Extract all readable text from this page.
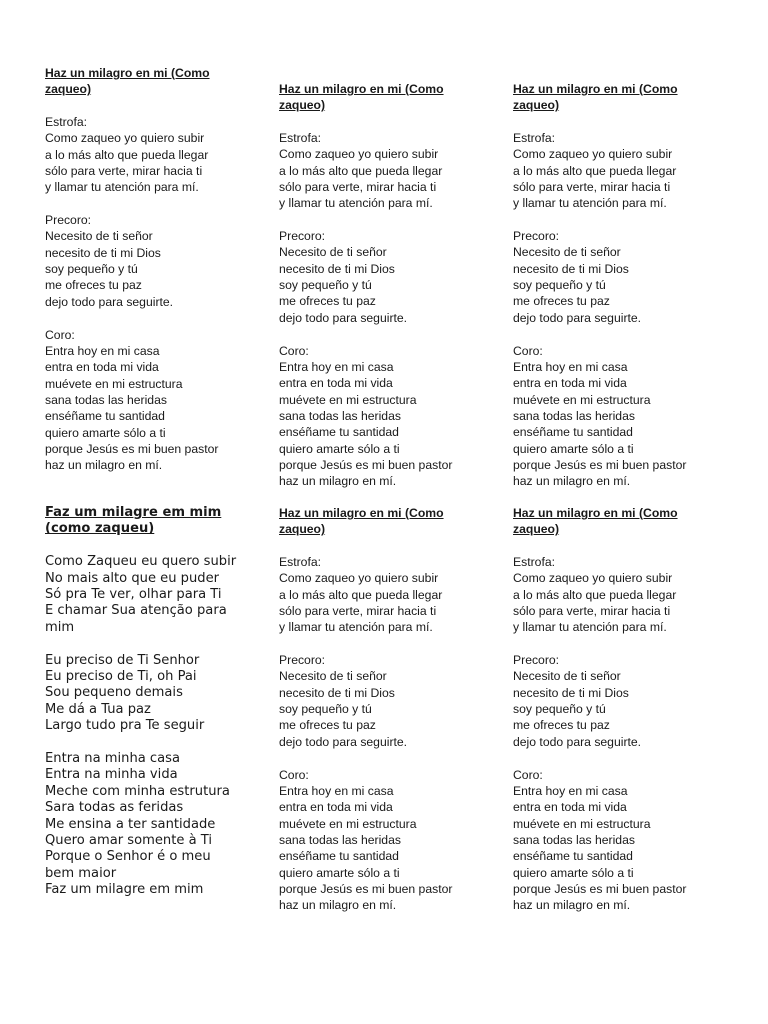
Haz un milagro en mi (Como
zaqueo)
Estrofa:
Como zaqueo yo quiero subir
a lo más alto que pueda llegar
sólo para verte, mirar hacia ti
y llamar tu atención para mí.
Precoro:
Necesito de ti señor
necesito de ti mi Dios
soy pequeño y tú
me ofreces tu paz
dejo todo para seguirte.
Coro:
Entra hoy en mi casa
entra en toda mi vida
muévete en mi estructura
sana todas las heridas
enséñame tu santidad
quiero amarte sólo a ti
porque Jesús es mi buen pastor
haz un milagro en mí.
Haz un milagro en mi (Como
zaqueo)
Estrofa:
Como zaqueo yo quiero subir
a lo más alto que pueda llegar
sólo para verte, mirar hacia ti
y llamar tu atención para mí.
Precoro:
Necesito de ti señor
necesito de ti mi Dios
soy pequeño y tú
me ofreces tu paz
dejo todo para seguirte.
Coro:
Entra hoy en mi casa
entra en toda mi vida
muévete en mi estructura
sana todas las heridas
enséñame tu santidad
quiero amarte sólo a ti
porque Jesús es mi buen pastor
haz un milagro en mí.
Haz un milagro en mi (Como
zaqueo)
Estrofa:
Como zaqueo yo quiero subir
a lo más alto que pueda llegar
sólo para verte, mirar hacia ti
y llamar tu atención para mí.
Precoro:
Necesito de ti señor
necesito de ti mi Dios
soy pequeño y tú
me ofreces tu paz
dejo todo para seguirte.
Coro:
Entra hoy en mi casa
entra en toda mi vida
muévete en mi estructura
sana todas las heridas
enséñame tu santidad
quiero amarte sólo a ti
porque Jesús es mi buen pastor
haz un milagro en mí.
Faz um milagre em mim
(como zaqueu)
Como Zaqueu eu quero subir
No mais alto que eu puder
Só pra Te ver, olhar para Ti
E chamar Sua atenção para
mim
Eu preciso de Ti Senhor
Eu preciso de Ti, oh Pai
Sou pequeno demais
Me dá a Tua paz
Largo tudo pra Te seguir
Entra na minha casa
Entra na minha vida
Meche com minha estrutura
Sara todas as feridas
Me ensina a ter santidade
Quero amar somente à Ti
Porque o Senhor é o meu
bem maior
Faz um milagre em mim
Haz un milagro en mi (Como
zaqueo)
Estrofa:
Como zaqueo yo quiero subir
a lo más alto que pueda llegar
sólo para verte, mirar hacia ti
y llamar tu atención para mí.
Precoro:
Necesito de ti señor
necesito de ti mi Dios
soy pequeño y tú
me ofreces tu paz
dejo todo para seguirte.
Coro:
Entra hoy en mi casa
entra en toda mi vida
muévete en mi estructura
sana todas las heridas
enséñame tu santidad
quiero amarte sólo a ti
porque Jesús es mi buen pastor
haz un milagro en mí.
Haz un milagro en mi (Como
zaqueo)
Estrofa:
Como zaqueo yo quiero subir
a lo más alto que pueda llegar
sólo para verte, mirar hacia ti
y llamar tu atención para mí.
Precoro:
Necesito de ti señor
necesito de ti mi Dios
soy pequeño y tú
me ofreces tu paz
dejo todo para seguirte.
Coro:
Entra hoy en mi casa
entra en toda mi vida
muévete en mi estructura
sana todas las heridas
enséñame tu santidad
quiero amarte sólo a ti
porque Jesús es mi buen pastor
haz un milagro en mí.
